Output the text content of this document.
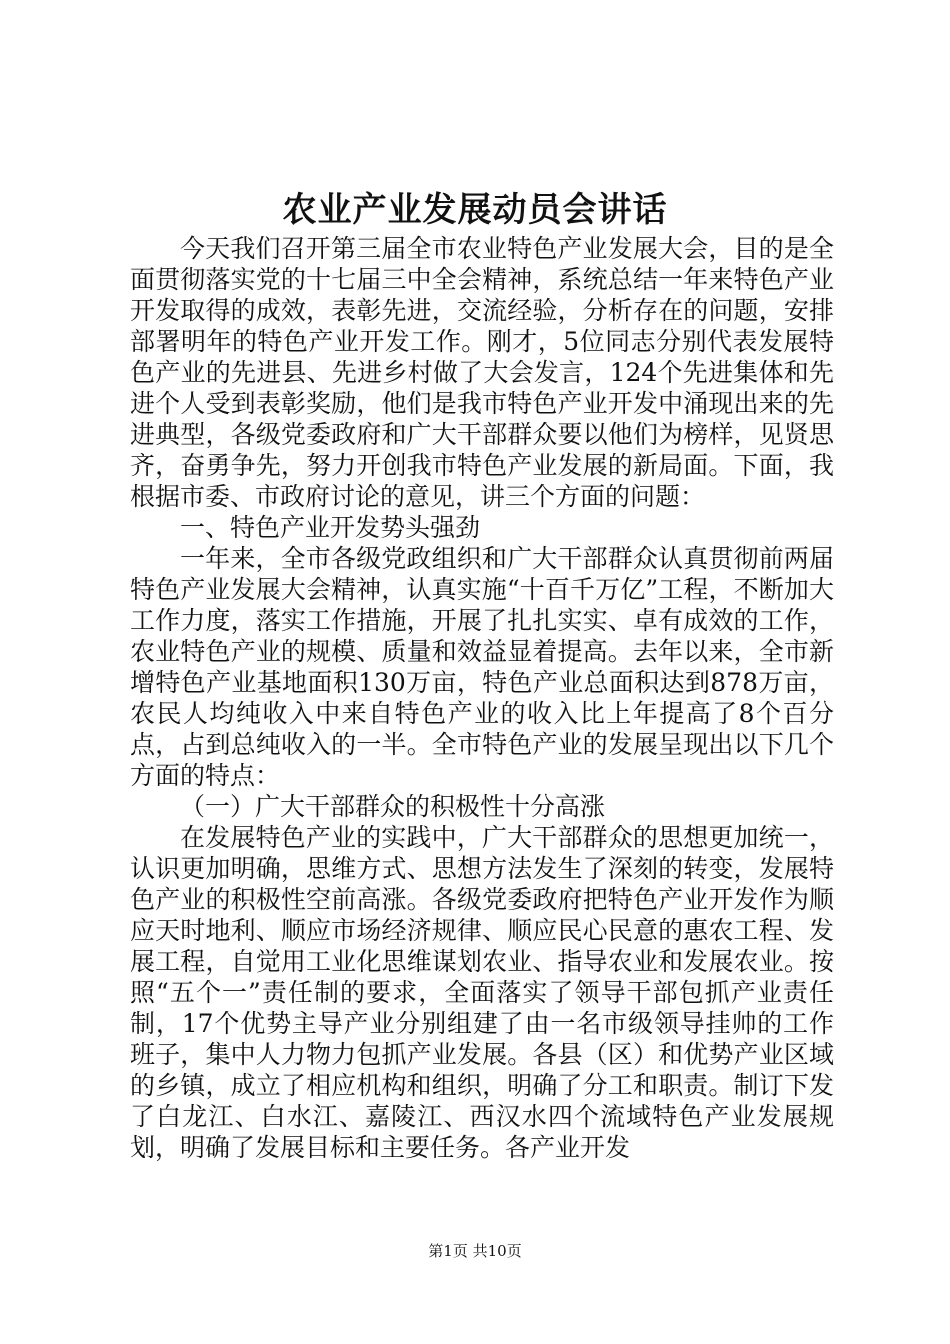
农业产业发展动员会讲话

今天我们召开第三届全市农业特色产业发展大会，目的是全面贯彻落实党的十七届三中全会精神，系统总结一年来特色产业开发取得的成效，表彰先进，交流经验，分析存在的问题，安排部署明年的特色产业开发工作。刚才，5位同志分别代表发展特色产业的先进县、先进乡村做了大会发言，124个先进集体和先进个人受到表彰奖励，他们是我市特色产业开发中涌现出来的先进典型，各级党委政府和广大干部群众要以他们为榜样，见贤思齐，奋勇争先，努力开创我市特色产业发展的新局面。下面，我根据市委、市政府讨论的意见，讲三个方面的问题：

一、特色产业开发势头强劲

一年来，全市各级党政组织和广大干部群众认真贯彻前两届特色产业发展大会精神，认真实施“十百千万亿”工程，不断加大工作力度，落实工作措施，开展了扎扎实实、卓有成效的工作，农业特色产业的规模、质量和效益显着提高。去年以来，全市新增特色产业基地面积130万亩，特色产业总面积达到878万亩，农民人均纯收入中来自特色产业的收入比上年提高了8个百分点，占到总纯收入的一半。全市特色产业的发展呈现出以下几个方面的特点：

（一）广大干部群众的积极性十分高涨

在发展特色产业的实践中，广大干部群众的思想更加统一，认识更加明确，思维方式、思想方法发生了深刻的转变，发展特色产业的积极性空前高涨。各级党委政府把特色产业开发作为顺应天时地利、顺应市场经济规律、顺应民心民意的惠农工程、发展工程，自觉用工业化思维谋划农业、指导农业和发展农业。按照“五个一”责任制的要求，全面落实了领导干部包抓产业责任制，17个优势主导产业分别组建了由一名市级领导挂帅的工作班子，集中人力物力包抓产业发展。各县（区）和优势产业区域的乡镇，成立了相应机构和组织，明确了分工和职责。制订下发了白龙江、白水江、嘉陵江、西汉水四个流域特色产业发展规划，明确了发展目标和主要任务。各产业开发

第1页 共10页
